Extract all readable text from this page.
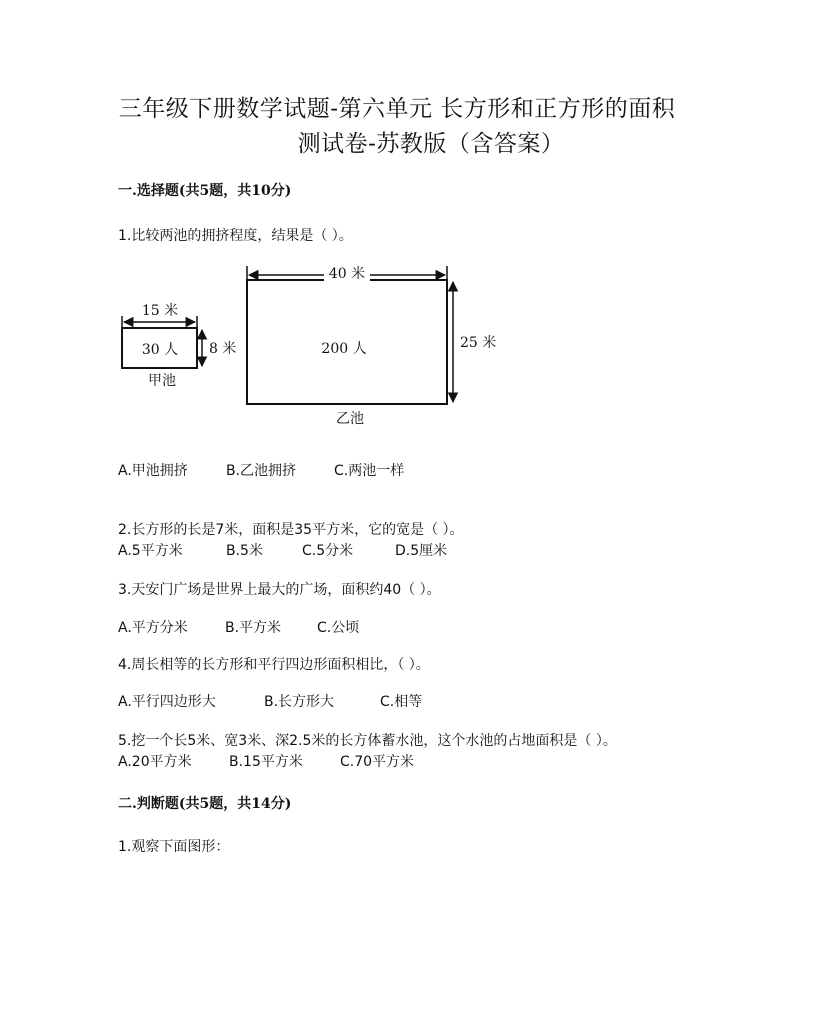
三年级下册数学试题-第六单元 长方形和正方形的面积
测试卷-苏教版（含答案）
一.选择题(共5题，共10分)
1.比较两池的拥挤程度，结果是（ ）。
15 米
8 米
30 人
甲池
40 米
25 米
200 人
乙池
A.甲池拥挤	B.乙池拥挤	C.两池一样
2.长方形的长是7米，面积是35平方米，它的宽是（ ）。
A.5平方米	B.5米	C.5分米	D.5厘米
3.天安门广场是世界上最大的广场，面积约40（ ）。
A.平方分米	B.平方米	C.公顷
4.周长相等的长方形和平行四边形面积相比，（ ）。
A.平行四边形大	B.长方形大	C.相等
5.挖一个长5米、宽3米、深2.5米的长方体蓄水池，这个水池的占地面积是（ ）。
A.20平方米	B.15平方米	C.70平方米
二.判断题(共5题，共14分)
1.观察下面图形：
